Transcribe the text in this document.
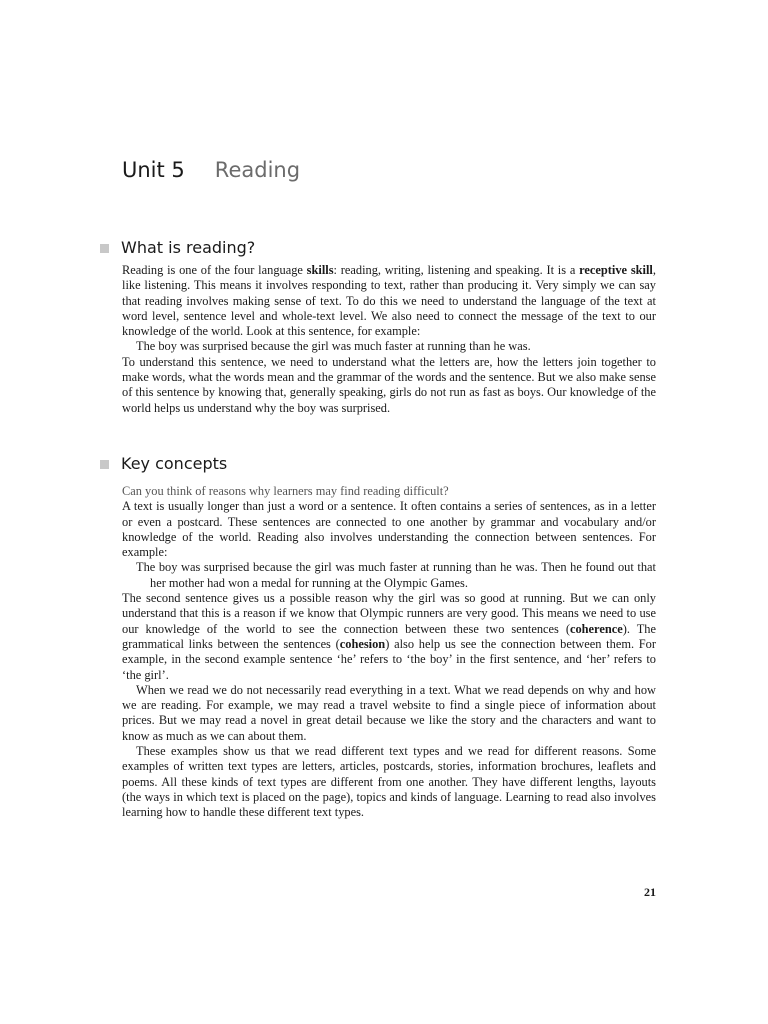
Unit 5 Reading
What is reading?

Reading is one of the four language skills: reading, writing, listening and speaking. It is a receptive skill, like listening. This means it involves responding to text, rather than producing it. Very simply we can say that reading involves making sense of text. To do this we need to understand the language of the text at word level, sentence level and whole-text level. We also need to connect the message of the text to our knowledge of the world. Look at this sentence, for example:

The boy was surprised because the girl was much faster at running than he was.

To understand this sentence, we need to understand what the letters are, how the letters join together to make words, what the words mean and the grammar of the words and the sentence. But we also make sense of this sentence by knowing that, generally speaking, girls do not run as fast as boys. Our knowledge of the world helps us understand why the boy was surprised.

Key concepts

Can you think of reasons why learners may find reading difficult?

A text is usually longer than just a word or a sentence. It often contains a series of sentences, as in a letter or even a postcard. These sentences are connected to one another by grammar and vocabulary and/or knowledge of the world. Reading also involves understanding the connection between sentences. For example:

The boy was surprised because the girl was much faster at running than he was. Then he found out that her mother had won a medal for running at the Olympic Games.

The second sentence gives us a possible reason why the girl was so good at running. But we can only understand that this is a reason if we know that Olympic runners are very good. This means we need to use our knowledge of the world to see the connection between these two sentences (coherence). The grammatical links between the sentences (cohesion) also help us see the connection between them. For example, in the second example sentence ‘he’ refers to ‘the boy’ in the first sentence, and ‘her’ refers to ‘the girl’.

When we read we do not necessarily read everything in a text. What we read depends on why and how we are reading. For example, we may read a travel website to find a single piece of information about prices. But we may read a novel in great detail because we like the story and the characters and want to know as much as we can about them.

These examples show us that we read different text types and we read for different reasons. Some examples of written text types are letters, articles, postcards, stories, information brochures, leaflets and poems. All these kinds of text types are different from one another. They have different lengths, layouts (the ways in which text is placed on the page), topics and kinds of language. Learning to read also involves learning how to handle these different text types.

21
